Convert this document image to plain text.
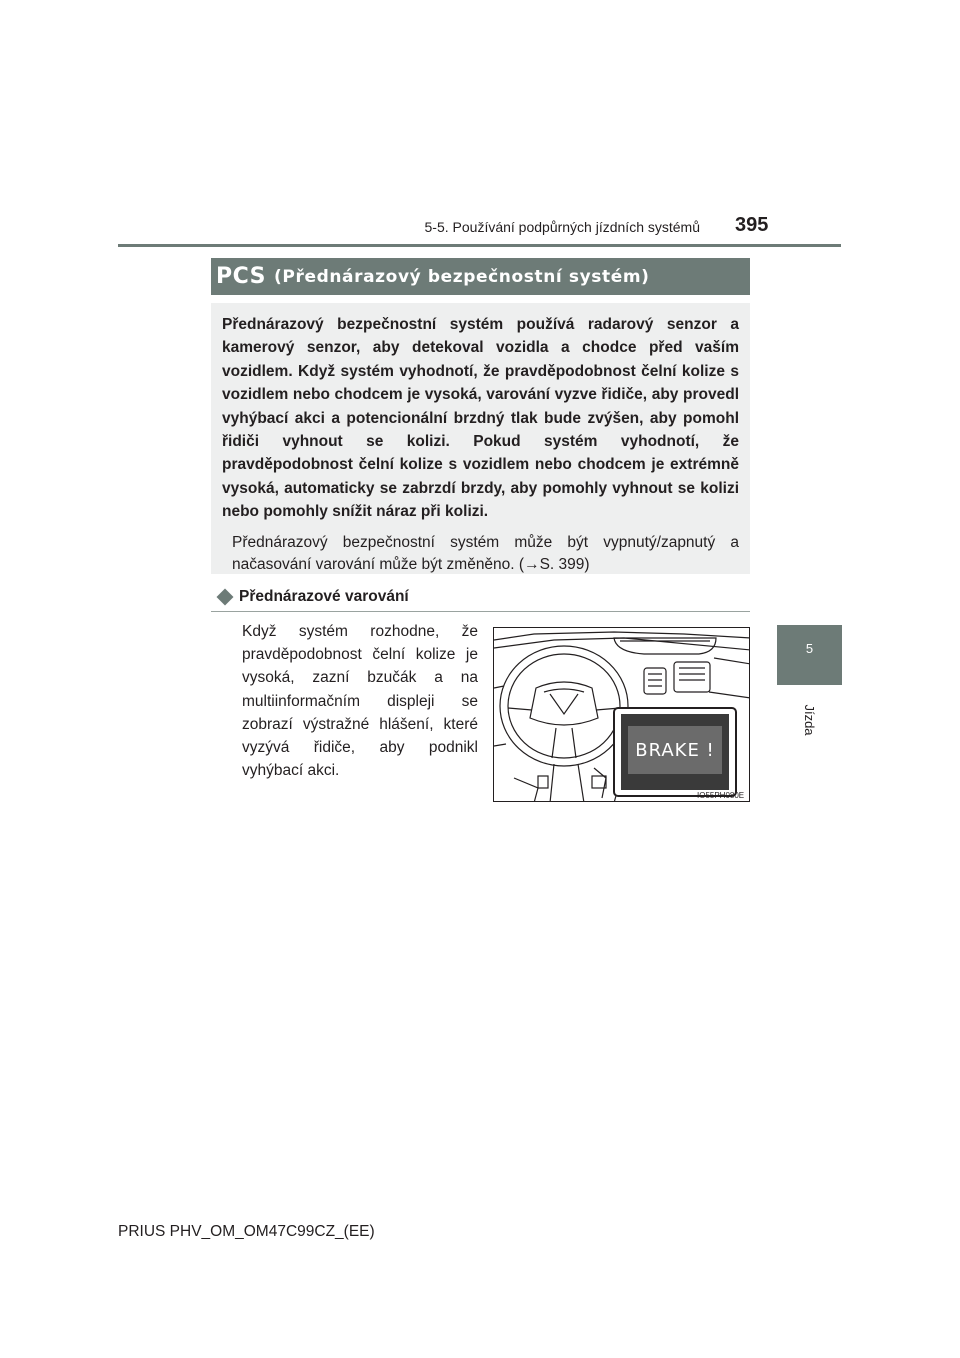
5-5. Používání podpůrných jízdních systémů 395
5
Jízda
PCS (Přednárazový bezpečnostní systém)
Přednárazový bezpečnostní systém používá radarový senzor a kamerový senzor, aby detekoval vozidla a chodce před vaším vozidlem. Když systém vyhodnotí, že pravděpodobnost čelní kolize s vozidlem nebo chodcem je vysoká, varování vyzve řidiče, aby provedl vyhýbací akci a potencionální brzdný tlak bude zvýšen, aby pomohl řidiči vyhnout se kolizi. Pokud systém vyhodnotí, že pravděpodobnost čelní kolize s vozidlem nebo chodcem je extrémně vysoká, automaticky se zabrzdí brzdy, aby pomohly vyhnout se kolizi nebo pomohly snížit náraz při kolizi.
Přednárazový bezpečnostní systém může být vypnutý/zapnutý a načasování varování může být změněno. (→S. 399)
Přednárazové varování
Když systém rozhodne, že pravděpodobnost čelní kolize je vysoká, zazní bzučák a na multiinformačním displeji se zobrazí výstražné hlášení, které vyzývá řidiče, aby podnikl vyhýbací akci.
BRAKE !
IO55PH080E
PRIUS PHV_OM_OM47C99CZ_(EE)
